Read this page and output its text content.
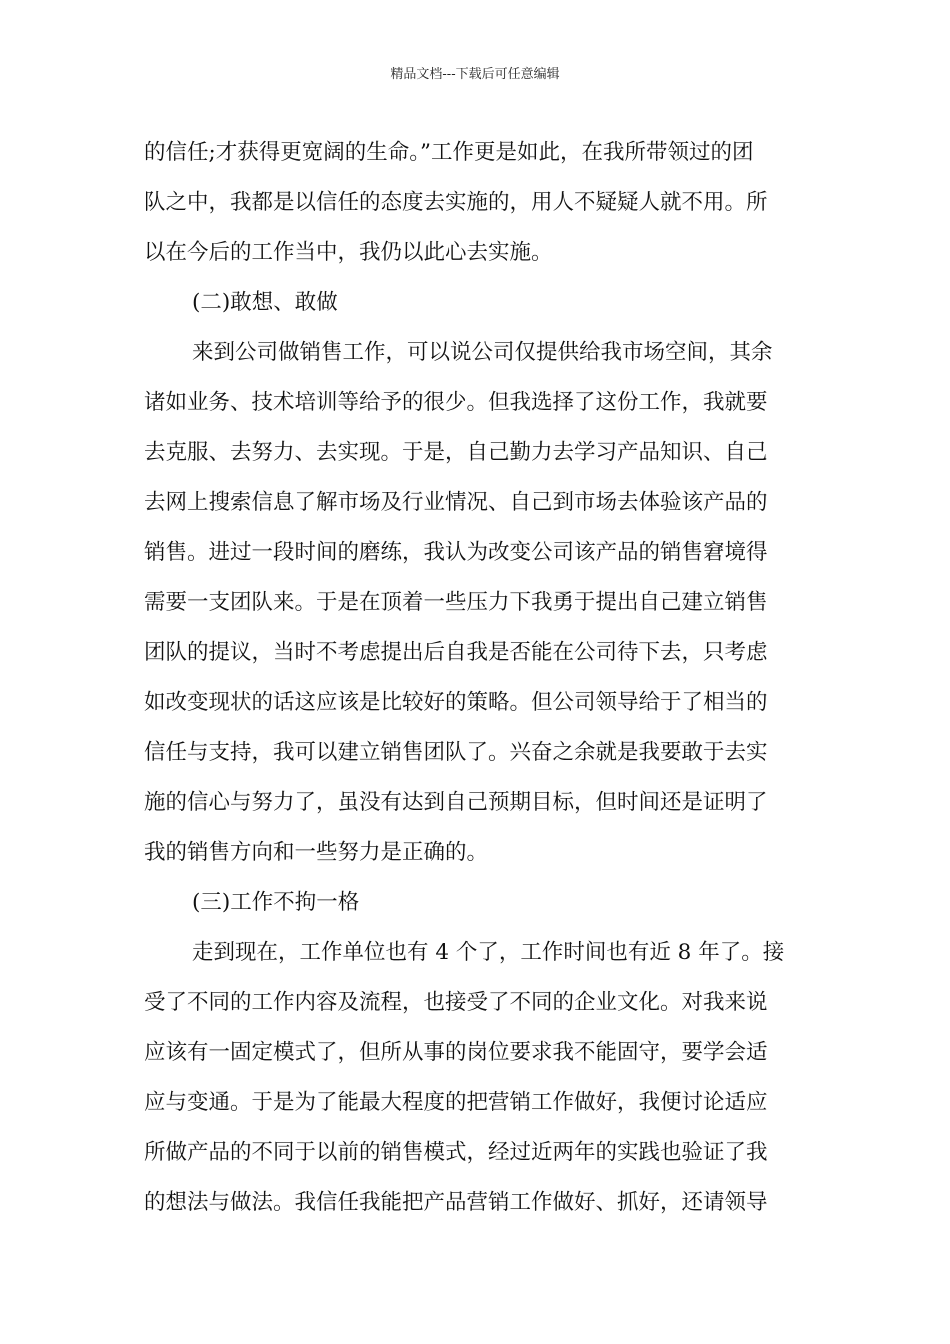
精品文档---下载后可任意编辑
的信任;才获得更宽阔的生命。”工作更是如此，在我所带领过的团
队之中，我都是以信任的态度去实施的，用人不疑疑人就不用。所
以在今后的工作当中，我仍以此心去实施。
(二)敢想、敢做
来到公司做销售工作，可以说公司仅提供给我市场空间，其余
诸如业务、技术培训等给予的很少。但我选择了这份工作，我就要
去克服、去努力、去实现。于是，自己勤力去学习产品知识、自己
去网上搜索信息了解市场及行业情况、自己到市场去体验该产品的
销售。进过一段时间的磨练，我认为改变公司该产品的销售窘境得
需要一支团队来。于是在顶着一些压力下我勇于提出自己建立销售
团队的提议，当时不考虑提出后自我是否能在公司待下去，只考虑
如改变现状的话这应该是比较好的策略。但公司领导给于了相当的
信任与支持，我可以建立销售团队了。兴奋之余就是我要敢于去实
施的信心与努力了，虽没有达到自己预期目标，但时间还是证明了
我的销售方向和一些努力是正确的。
(三)工作不拘一格
走到现在，工作单位也有 4 个了，工作时间也有近 8 年了。接
受了不同的工作内容及流程，也接受了不同的企业文化。对我来说
应该有一固定模式了，但所从事的岗位要求我不能固守，要学会适
应与变通。于是为了能最大程度的把营销工作做好，我便讨论适应
所做产品的不同于以前的销售模式，经过近两年的实践也验证了我
的想法与做法。我信任我能把产品营销工作做好、抓好，还请领导
